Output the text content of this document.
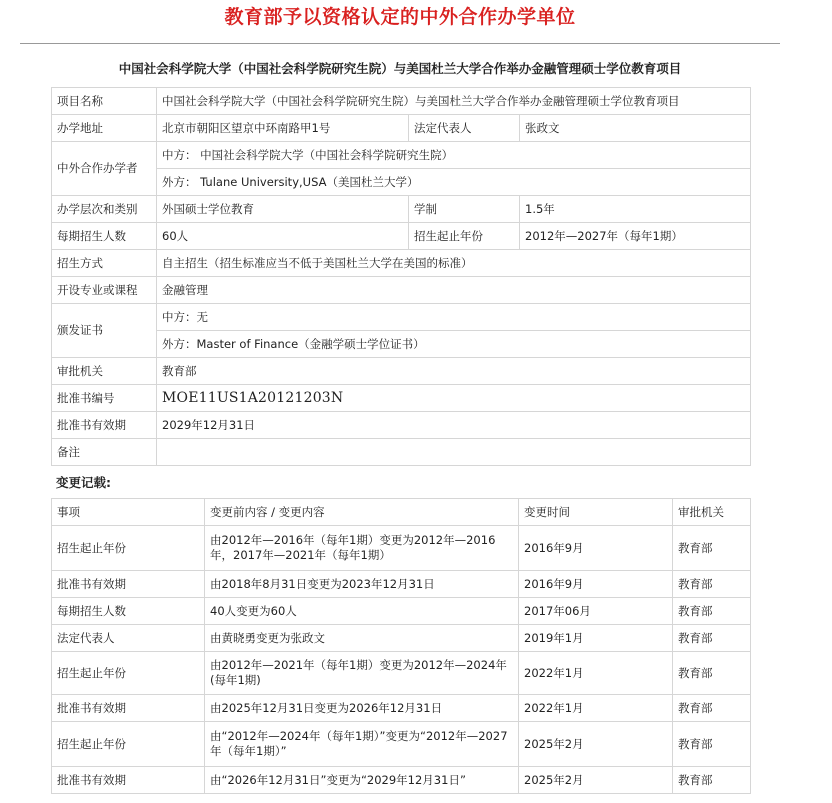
教育部予以资格认定的中外合作办学单位
中国社会科学院大学（中国社会科学院研究生院）与美国杜兰大学合作举办金融管理硕士学位教育项目
项目名称	中国社会科学院大学（中国社会科学院研究生院）与美国杜兰大学合作举办金融管理硕士学位教育项目		
办学地址	北京市朝阳区望京中环南路甲1号	法定代表人	张政文
中外合作办学者	中方： 中国社会科学院大学（中国社会科学院研究生院）		
	外方： Tulane University,USA（美国杜兰大学）		
办学层次和类别	外国硕士学位教育	学制	1.5年
每期招生人数	60人	招生起止年份	2012年—2027年（每年1期）
招生方式	自主招生（招生标准应当不低于美国杜兰大学在美国的标准）		
开设专业或课程	金融管理		
颁发证书	中方：无		
	外方：Master of Finance（金融学硕士学位证书）		
审批机关	教育部		
批准书编号	MOE11US1A20121203N		
批准书有效期	2029年12月31日		
备注			
变更记载:
事项	变更前内容 / 变更内容	变更时间	审批机关
招生起止年份	由2012年—2016年（每年1期）变更为2012年—2016年，2017年—2021年（每年1期）	2016年9月	教育部
批准书有效期	由2018年8月31日变更为2023年12月31日	2016年9月	教育部
每期招生人数	40人变更为60人	2017年06月	教育部
法定代表人	由黄晓勇变更为张政文	2019年1月	教育部
招生起止年份	由2012年—2021年（每年1期）变更为2012年—2024年(每年1期)	2022年1月	教育部
批准书有效期	由2025年12月31日变更为2026年12月31日	2022年1月	教育部
招生起止年份	由“2012年—2024年（每年1期）”变更为“2012年—2027年（每年1期）”	2025年2月	教育部
批准书有效期	由“2026年12月31日”变更为“2029年12月31日”	2025年2月	教育部
